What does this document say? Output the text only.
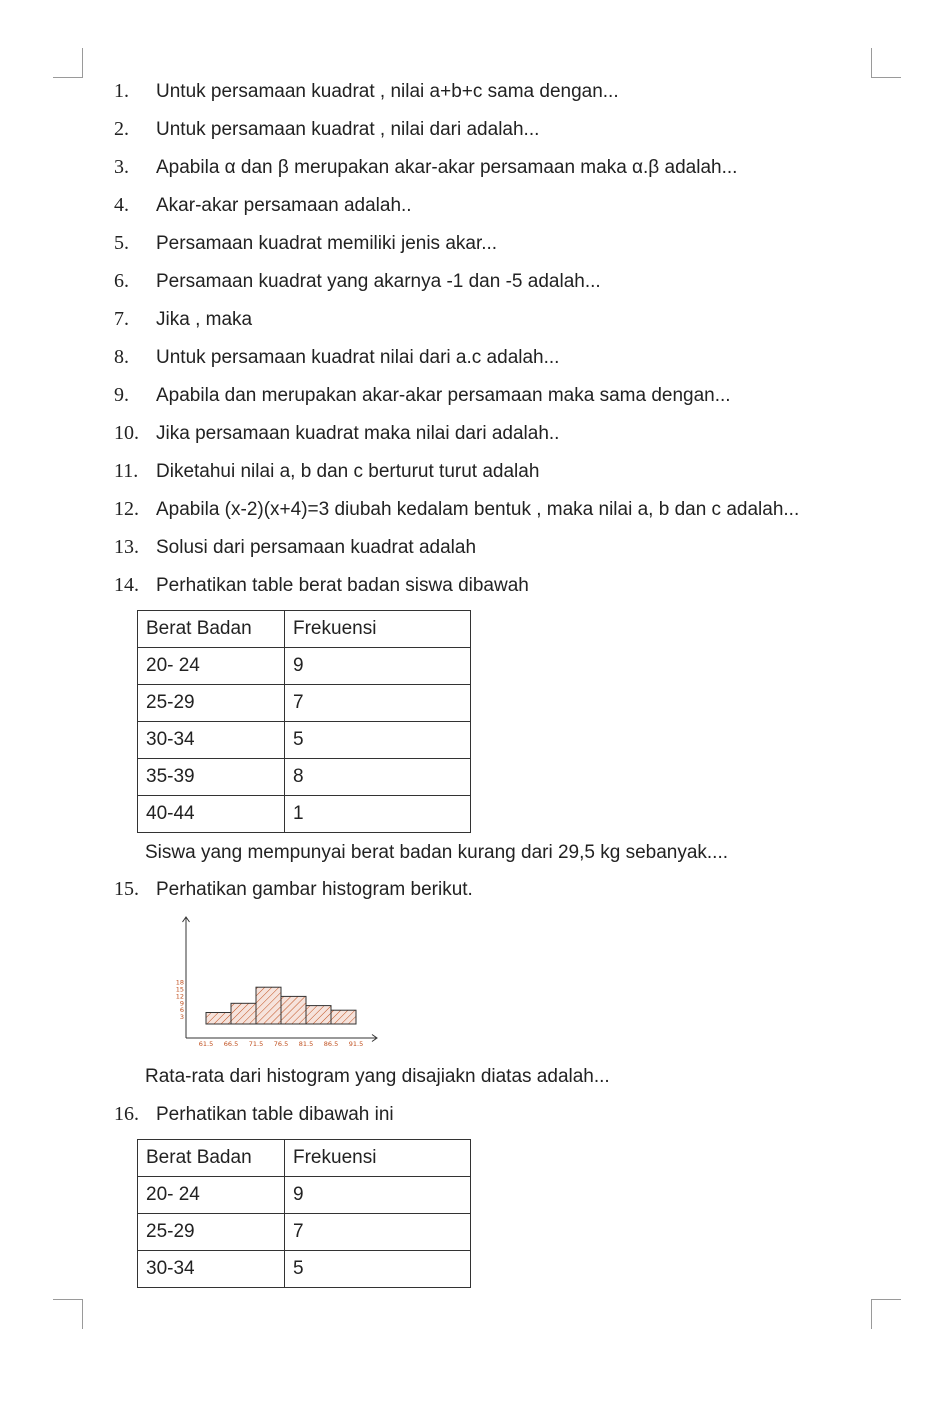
1. Untuk persamaan kuadrat , nilai a+b+c sama dengan...
2. Untuk persamaan kuadrat , nilai dari adalah...
3. Apabila α dan β merupakan akar-akar persamaan maka α.β adalah...
4. Akar-akar persamaan adalah..
5. Persamaan kuadrat memiliki jenis akar...
6. Persamaan kuadrat yang akarnya -1 dan -5 adalah...
7. Jika , maka
8. Untuk persamaan kuadrat nilai dari a.c adalah...
9. Apabila dan merupakan akar-akar persamaan maka sama dengan...
10. Jika persamaan kuadrat maka nilai dari adalah..
11. Diketahui nilai a, b dan c berturut turut adalah
12. Apabila (x-2)(x+4)=3 diubah kedalam bentuk , maka nilai a, b dan c adalah...
13. Solusi dari persamaan kuadrat adalah
14.Perhatikan table berat badan siswa dibawah
Berat Badan	Frekuensi
20- 24	9
25-29	7
30-34	5
35-39	8
40-44	1
Siswa yang mempunyai berat badan kurang dari 29,5 kg sebanyak....
15. Perhatikan gambar histogram berikut.
3
6
9
12
15
18
61.5 66.5 71.5 76.5 81.5 86.5 91.5
Rata-rata dari histogram yang disajiakn diatas adalah...
16. Perhatikan table dibawah ini
Berat Badan	Frekuensi
20- 24	9
25-29	7
30-34	5
